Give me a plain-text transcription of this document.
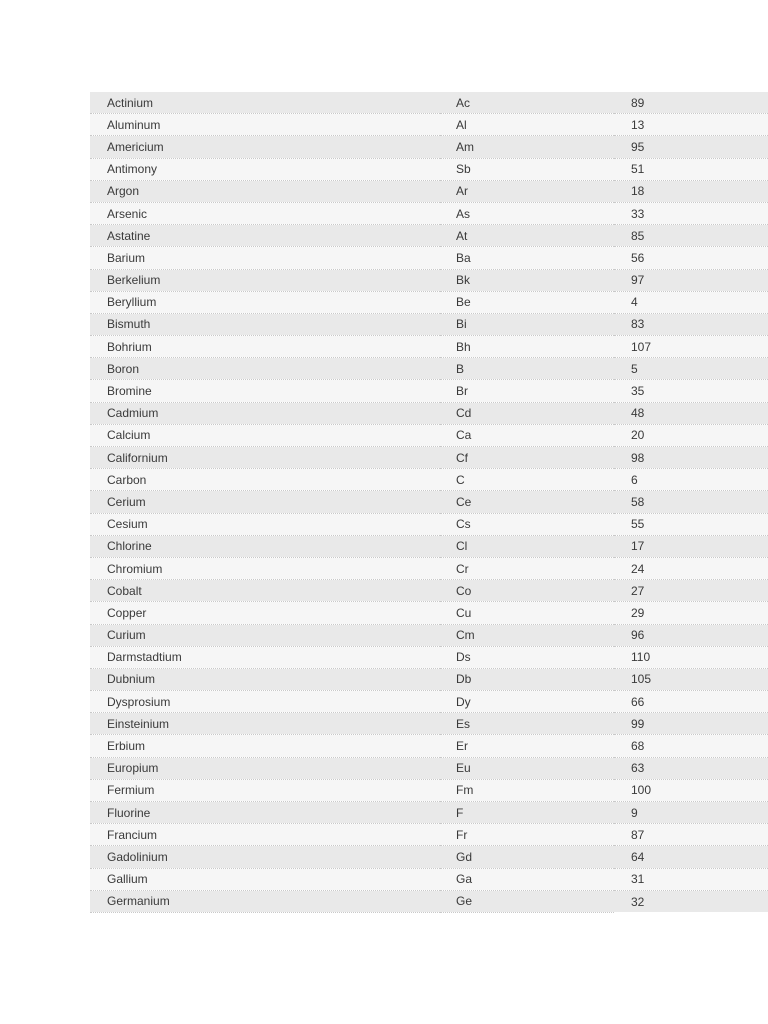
Actinium	Ac	89
Aluminum	Al	13
Americium	Am	95
Antimony	Sb	51
Argon	Ar	18
Arsenic	As	33
Astatine	At	85
Barium	Ba	56
Berkelium	Bk	97
Beryllium	Be	4
Bismuth	Bi	83
Bohrium	Bh	107
Boron	B	5
Bromine	Br	35
Cadmium	Cd	48
Calcium	Ca	20
Californium	Cf	98
Carbon	C	6
Cerium	Ce	58
Cesium	Cs	55
Chlorine	Cl	17
Chromium	Cr	24
Cobalt	Co	27
Copper	Cu	29
Curium	Cm	96
Darmstadtium	Ds	110
Dubnium	Db	105
Dysprosium	Dy	66
Einsteinium	Es	99
Erbium	Er	68
Europium	Eu	63
Fermium	Fm	100
Fluorine	F	9
Francium	Fr	87
Gadolinium	Gd	64
Gallium	Ga	31
Germanium	Ge	32
